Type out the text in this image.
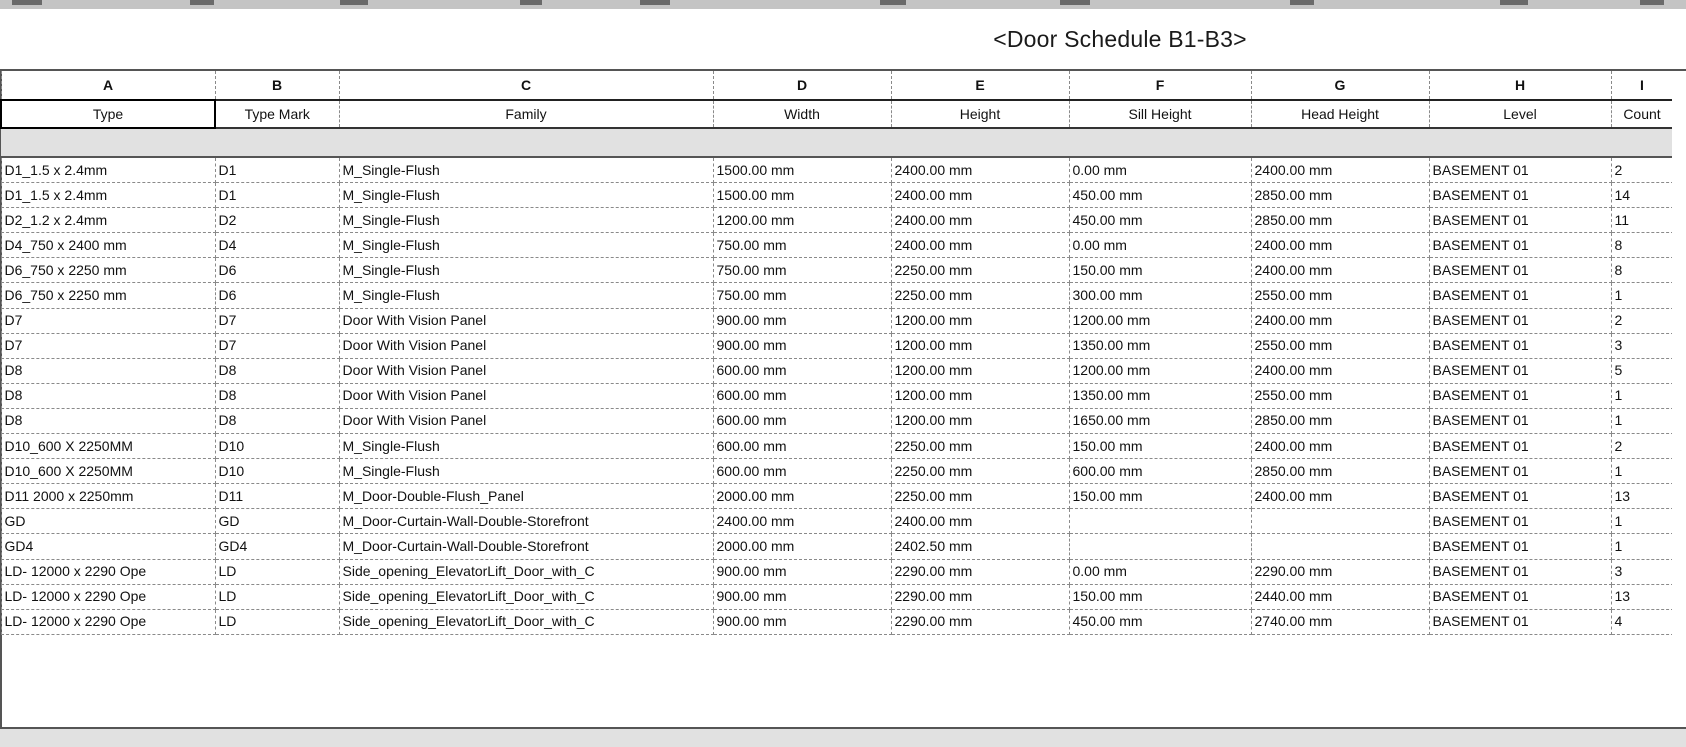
<Door Schedule B1-B3>
A	B	C	D	E	F	G	H	I
Type	Type Mark	Family	Width	Height	Sill Height	Head Height	Level	Count

D1_1.5 x 2.4mm	D1	M_Single-Flush	1500.00 mm	2400.00 mm	0.00 mm	2400.00 mm	BASEMENT 01	2
D1_1.5 x 2.4mm	D1	M_Single-Flush	1500.00 mm	2400.00 mm	450.00 mm	2850.00 mm	BASEMENT 01	14
D2_1.2 x 2.4mm	D2	M_Single-Flush	1200.00 mm	2400.00 mm	450.00 mm	2850.00 mm	BASEMENT 01	11
D4_750 x 2400 mm	D4	M_Single-Flush	750.00 mm	2400.00 mm	0.00 mm	2400.00 mm	BASEMENT 01	8
D6_750 x 2250 mm	D6	M_Single-Flush	750.00 mm	2250.00 mm	150.00 mm	2400.00 mm	BASEMENT 01	8
D6_750 x 2250 mm	D6	M_Single-Flush	750.00 mm	2250.00 mm	300.00 mm	2550.00 mm	BASEMENT 01	1
D7	D7	Door With Vision Panel	900.00 mm	1200.00 mm	1200.00 mm	2400.00 mm	BASEMENT 01	2
D7	D7	Door With Vision Panel	900.00 mm	1200.00 mm	1350.00 mm	2550.00 mm	BASEMENT 01	3
D8	D8	Door With Vision Panel	600.00 mm	1200.00 mm	1200.00 mm	2400.00 mm	BASEMENT 01	5
D8	D8	Door With Vision Panel	600.00 mm	1200.00 mm	1350.00 mm	2550.00 mm	BASEMENT 01	1
D8	D8	Door With Vision Panel	600.00 mm	1200.00 mm	1650.00 mm	2850.00 mm	BASEMENT 01	1
D10_600 X 2250MM	D10	M_Single-Flush	600.00 mm	2250.00 mm	150.00 mm	2400.00 mm	BASEMENT 01	2
D10_600 X 2250MM	D10	M_Single-Flush	600.00 mm	2250.00 mm	600.00 mm	2850.00 mm	BASEMENT 01	1
D11 2000 x 2250mm	D11	M_Door-Double-Flush_Panel	2000.00 mm	2250.00 mm	150.00 mm	2400.00 mm	BASEMENT 01	13
GD	GD	M_Door-Curtain-Wall-Double-Storefront	2400.00 mm	2400.00 mm			BASEMENT 01	1
GD4	GD4	M_Door-Curtain-Wall-Double-Storefront	2000.00 mm	2402.50 mm			BASEMENT 01	1
LD- 12000 x 2290 Ope	LD	Side_opening_ElevatorLift_Door_with_C	900.00 mm	2290.00 mm	0.00 mm	2290.00 mm	BASEMENT 01	3
LD- 12000 x 2290 Ope	LD	Side_opening_ElevatorLift_Door_with_C	900.00 mm	2290.00 mm	150.00 mm	2440.00 mm	BASEMENT 01	13
LD- 12000 x 2290 Ope	LD	Side_opening_ElevatorLift_Door_with_C	900.00 mm	2290.00 mm	450.00 mm	2740.00 mm	BASEMENT 01	4
